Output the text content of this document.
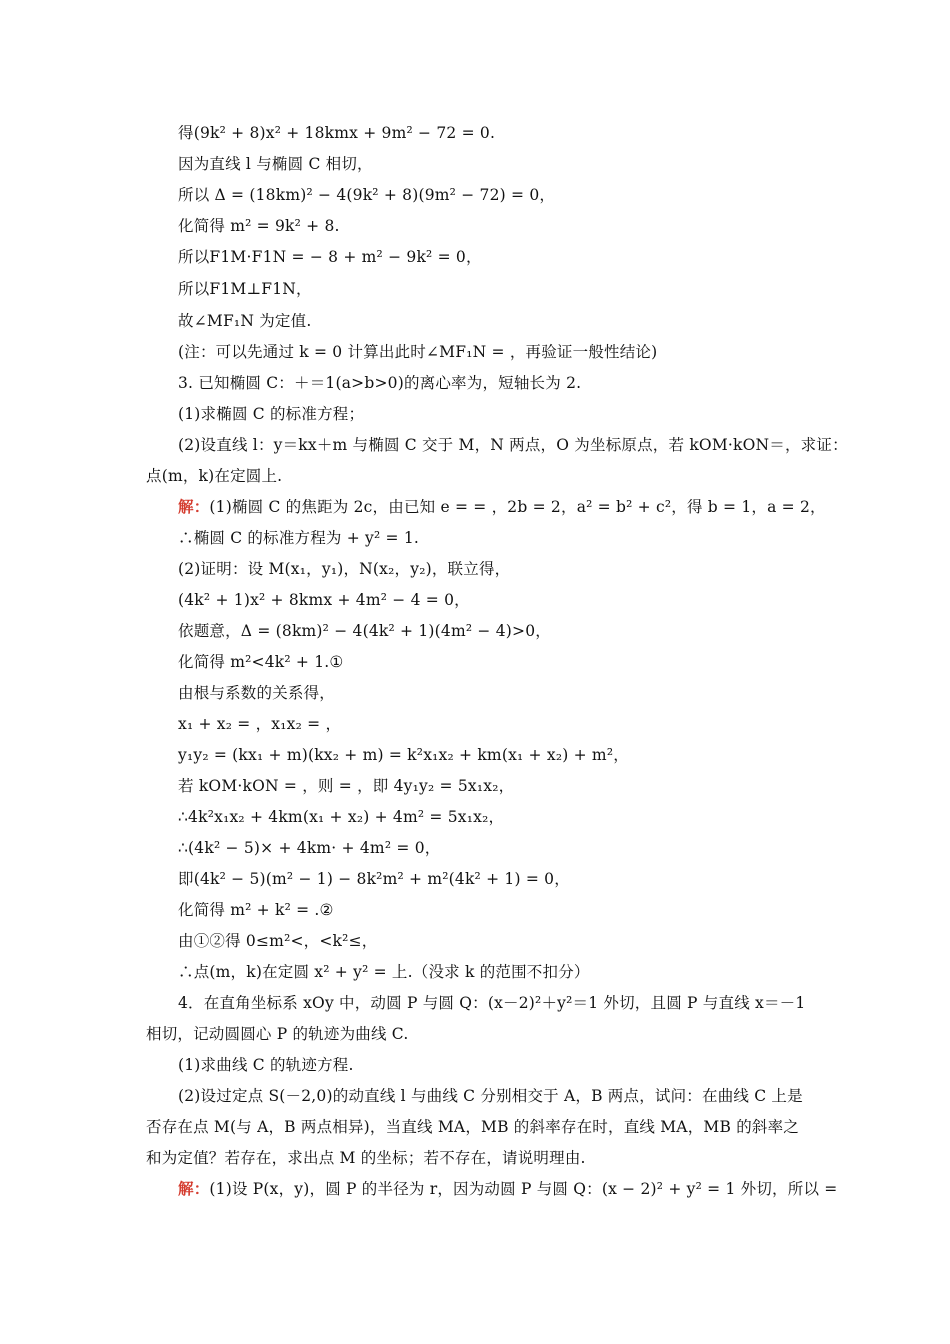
得(9k² + 8)x² + 18kmx + 9m² − 72 = 0.
因为直线 l 与椭圆 C 相切，
所以 Δ = (18km)² − 4(9k² + 8)(9m² − 72) = 0，
化简得 m² = 9k² + 8.
所以F1M·F1N = − 8 + m² − 9k² = 0，
所以F1M⊥F1N，
故∠MF₁N 为定值.
(注：可以先通过 k = 0 计算出此时∠MF₁N = ，再验证一般性结论)
3. 已知椭圆 C：＋＝1(a>b>0)的离心率为，短轴长为 2.
(1)求椭圆 C 的标准方程；
(2)设直线 l：y＝kx＋m 与椭圆 C 交于 M，N 两点，O 为坐标原点，若 kOM·kON＝，求证：
点(m，k)在定圆上.
解：(1)椭圆 C 的焦距为 2c，由已知 e = = ，2b = 2，a² = b² + c²，得 b = 1，a = 2，
∴椭圆 C 的标准方程为 + y² = 1.
(2)证明：设 M(x₁，y₁)，N(x₂，y₂)，联立得，
(4k² + 1)x² + 8kmx + 4m² − 4 = 0，
依题意，Δ = (8km)² − 4(4k² + 1)(4m² − 4)>0，
化简得 m²<4k² + 1.①
由根与系数的关系得，
x₁ + x₂ = ，x₁x₂ = ，
y₁y₂ = (kx₁ + m)(kx₂ + m) = k²x₁x₂ + km(x₁ + x₂) + m²，
若 kOM·kON = ，则 = ，即 4y₁y₂ = 5x₁x₂，
∴4k²x₁x₂ + 4km(x₁ + x₂) + 4m² = 5x₁x₂，
∴(4k² − 5)× + 4km· + 4m² = 0，
即(4k² − 5)(m² − 1) − 8k²m² + m²(4k² + 1) = 0，
化简得 m² + k² = .②
由①②得 0≤m²<，<k²≤，
∴点(m，k)在定圆 x² + y² = 上.（没求 k 的范围不扣分）
4．在直角坐标系 xOy 中，动圆 P 与圆 Q：(x－2)²＋y²＝1 外切，且圆 P 与直线 x＝－1
相切，记动圆圆心 P 的轨迹为曲线 C.
(1)求曲线 C 的轨迹方程.
(2)设过定点 S(－2,0)的动直线 l 与曲线 C 分别相交于 A，B 两点，试问：在曲线 C 上是
否存在点 M(与 A，B 两点相异)，当直线 MA，MB 的斜率存在时，直线 MA，MB 的斜率之
和为定值？若存在，求出点 M 的坐标；若不存在，请说明理由.
解：(1)设 P(x，y)，圆 P 的半径为 r，因为动圆 P 与圆 Q：(x − 2)² + y² = 1 外切，所以 =
